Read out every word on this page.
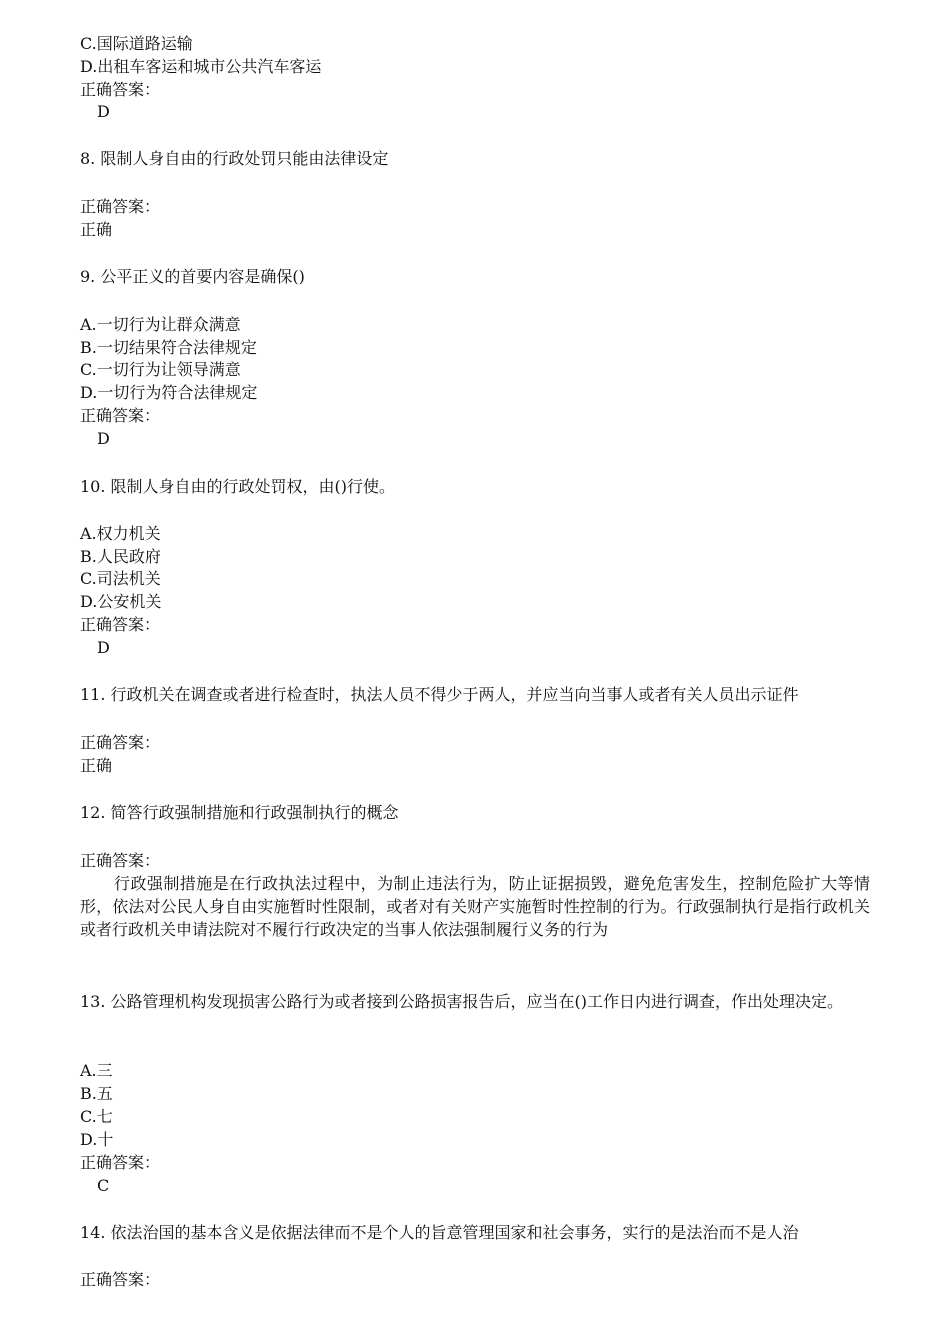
C.国际道路运输
D.出租车客运和城市公共汽车客运
正确答案：
D
8. 限制人身自由的行政处罚只能由法律设定
正确答案：
正确
9. 公平正义的首要内容是确保()
A.一切行为让群众满意
B.一切结果符合法律规定
C.一切行为让领导满意
D.一切行为符合法律规定
正确答案：
D
10. 限制人身自由的行政处罚权，由()行使。
A.权力机关
B.人民政府
C.司法机关
D.公安机关
正确答案：
D
11. 行政机关在调查或者进行检查时，执法人员不得少于两人，并应当向当事人或者有关人员出示证件
正确答案：
正确
12. 简答行政强制措施和行政强制执行的概念
正确答案：
行政强制措施是在行政执法过程中，为制止违法行为，防止证据损毁，避免危害发生，控制危险扩大等情形，依法对公民人身自由实施暂时性限制，或者对有关财产实施暂时性控制的行为。行政强制执行是指行政机关或者行政机关申请法院对不履行行政决定的当事人依法强制履行义务的行为
13. 公路管理机构发现损害公路行为或者接到公路损害报告后，应当在()工作日内进行调查，作出处理决定。
A.三
B.五
C.七
D.十
正确答案：
C
14. 依法治国的基本含义是依据法律而不是个人的旨意管理国家和社会事务，实行的是法治而不是人治
正确答案：
